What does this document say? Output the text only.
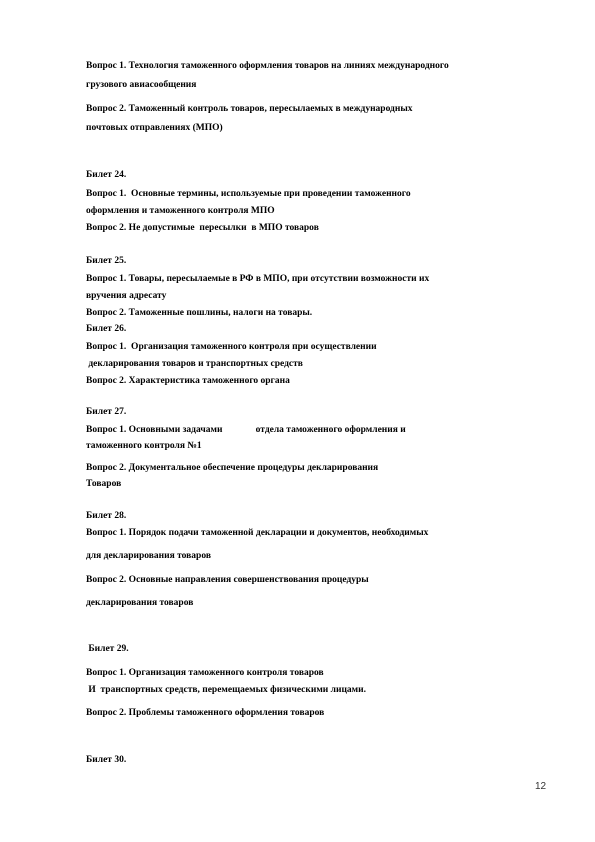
Вопрос 1. Технология таможенного оформления товаров на линиях международного
грузового авиасообщения
Вопрос 2. Таможенный контроль товаров, пересылаемых в международных
почтовых отправлениях (МПО)
Билет 24.
Вопрос 1.  Основные термины, используемые при проведении таможенного
оформления и таможенного контроля МПО
Вопрос 2. Не допустимые  пересылки  в МПО товаров
Билет 25.
Вопрос 1. Товары, пересылаемые в РФ в МПО, при отсутствии возможности их
вручения адресату
Вопрос 2. Таможенные пошлины, налоги на товары.
Билет 26.
Вопрос 1.  Организация таможенного контроля при осуществлении
декларирования товаров и транспортных средств
Вопрос 2. Характеристика таможенного органа
Билет 27.
Вопрос 1. Основными задачами              отдела таможенного оформления и
таможенного контроля №1
Вопрос 2. Документальное обеспечение процедуры декларирования
Товаров
Билет 28.
Вопрос 1. Порядок подачи таможенной декларации и документов, необходимых
для декларирования товаров
Вопрос 2. Основные направления совершенствования процедуры
декларирования товаров
Билет 29.
Вопрос 1. Организация таможенного контроля товаров
И  транспортных средств, перемещаемых физическими лицами.
Вопрос 2. Проблемы таможенного оформления товаров
Билет 30.
12
